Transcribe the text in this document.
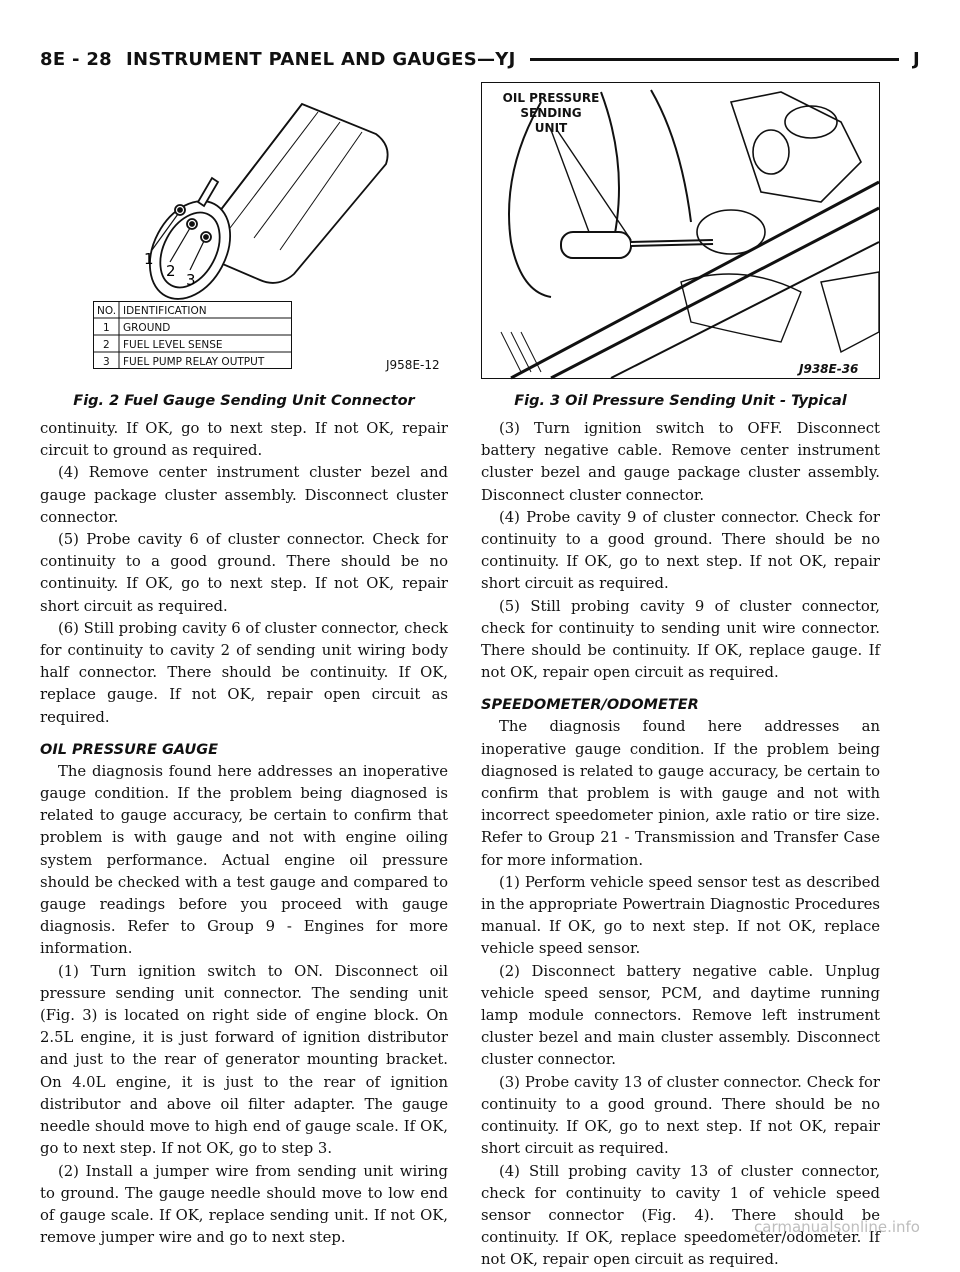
8E - 28 INSTRUMENT PANEL AND GAUGES—YJ	J
1
2 3
NO. IDENTIFICATION
1 GROUND
2 FUEL LEVEL SENSE
3 FUEL PUMP RELAY OUTPUT	J958E-12
Fig. 2 Fuel Gauge Sending Unit Connector
OIL PRESSURE
SENDING
UNIT
J938E-36
Fig. 3 Oil Pressure Sending Unit - Typical

continuity. If OK, go to next step. If not OK, repair circuit to ground as required.

(4) Remove center instrument cluster bezel and gauge package cluster assembly. Disconnect cluster connector.

(5) Probe cavity 6 of cluster connector. Check for continuity to a good ground. There should be no continuity. If OK, go to next step. If not OK, repair short circuit as required.

(6) Still probing cavity 6 of cluster connector, check for continuity to cavity 2 of sending unit wiring body half connector. There should be continuity. If OK, replace gauge. If not OK, repair open circuit as required.

OIL PRESSURE GAUGE

The diagnosis found here addresses an inoperative gauge condition. If the problem being diagnosed is related to gauge accuracy, be certain to confirm that problem is with gauge and not with engine oiling system performance. Actual engine oil pressure should be checked with a test gauge and compared to gauge readings before you proceed with gauge diagnosis. Refer to Group 9 - Engines for more information.

(1) Turn ignition switch to ON. Disconnect oil pressure sending unit connector. The sending unit (Fig. 3) is located on right side of engine block. On 2.5L engine, it is just forward of ignition distributor and just to the rear of generator mounting bracket. On 4.0L engine, it is just to the rear of ignition distributor and above oil filter adapter. The gauge needle should move to high end of gauge scale. If OK, go to next step. If not OK, go to step 3.

(2) Install a jumper wire from sending unit wiring to ground. The gauge needle should move to low end of gauge scale. If OK, replace sending unit. If not OK, remove jumper wire and go to next step.

(3) Turn ignition switch to OFF. Disconnect battery negative cable. Remove center instrument cluster bezel and gauge package cluster assembly. Disconnect cluster connector.

(4) Probe cavity 9 of cluster connector. Check for continuity to a good ground. There should be no continuity. If OK, go to next step. If not OK, repair short circuit as required.

(5) Still probing cavity 9 of cluster connector, check for continuity to sending unit wire connector. There should be continuity. If OK, replace gauge. If not OK, repair open circuit as required.

SPEEDOMETER/ODOMETER

The diagnosis found here addresses an inoperative gauge condition. If the problem being diagnosed is related to gauge accuracy, be certain to confirm that problem is with gauge and not with incorrect speedometer pinion, axle ratio or tire size. Refer to Group 21 - Transmission and Transfer Case for more information.

(1) Perform vehicle speed sensor test as described in the appropriate Powertrain Diagnostic Procedures manual. If OK, go to next step. If not OK, replace vehicle speed sensor.

(2) Disconnect battery negative cable. Unplug vehicle speed sensor, PCM, and daytime running lamp module connectors. Remove left instrument cluster bezel and main cluster assembly. Disconnect cluster connector.

(3) Probe cavity 13 of cluster connector. Check for continuity to a good ground. There should be no continuity. If OK, go to next step. If not OK, repair short circuit as required.

(4) Still probing cavity 13 of cluster connector, check for continuity to cavity 1 of vehicle speed sensor connector (Fig. 4). There should be continuity. If OK, replace speedometer/odometer. If not OK, repair open circuit as required.

carmanualsonline.info
